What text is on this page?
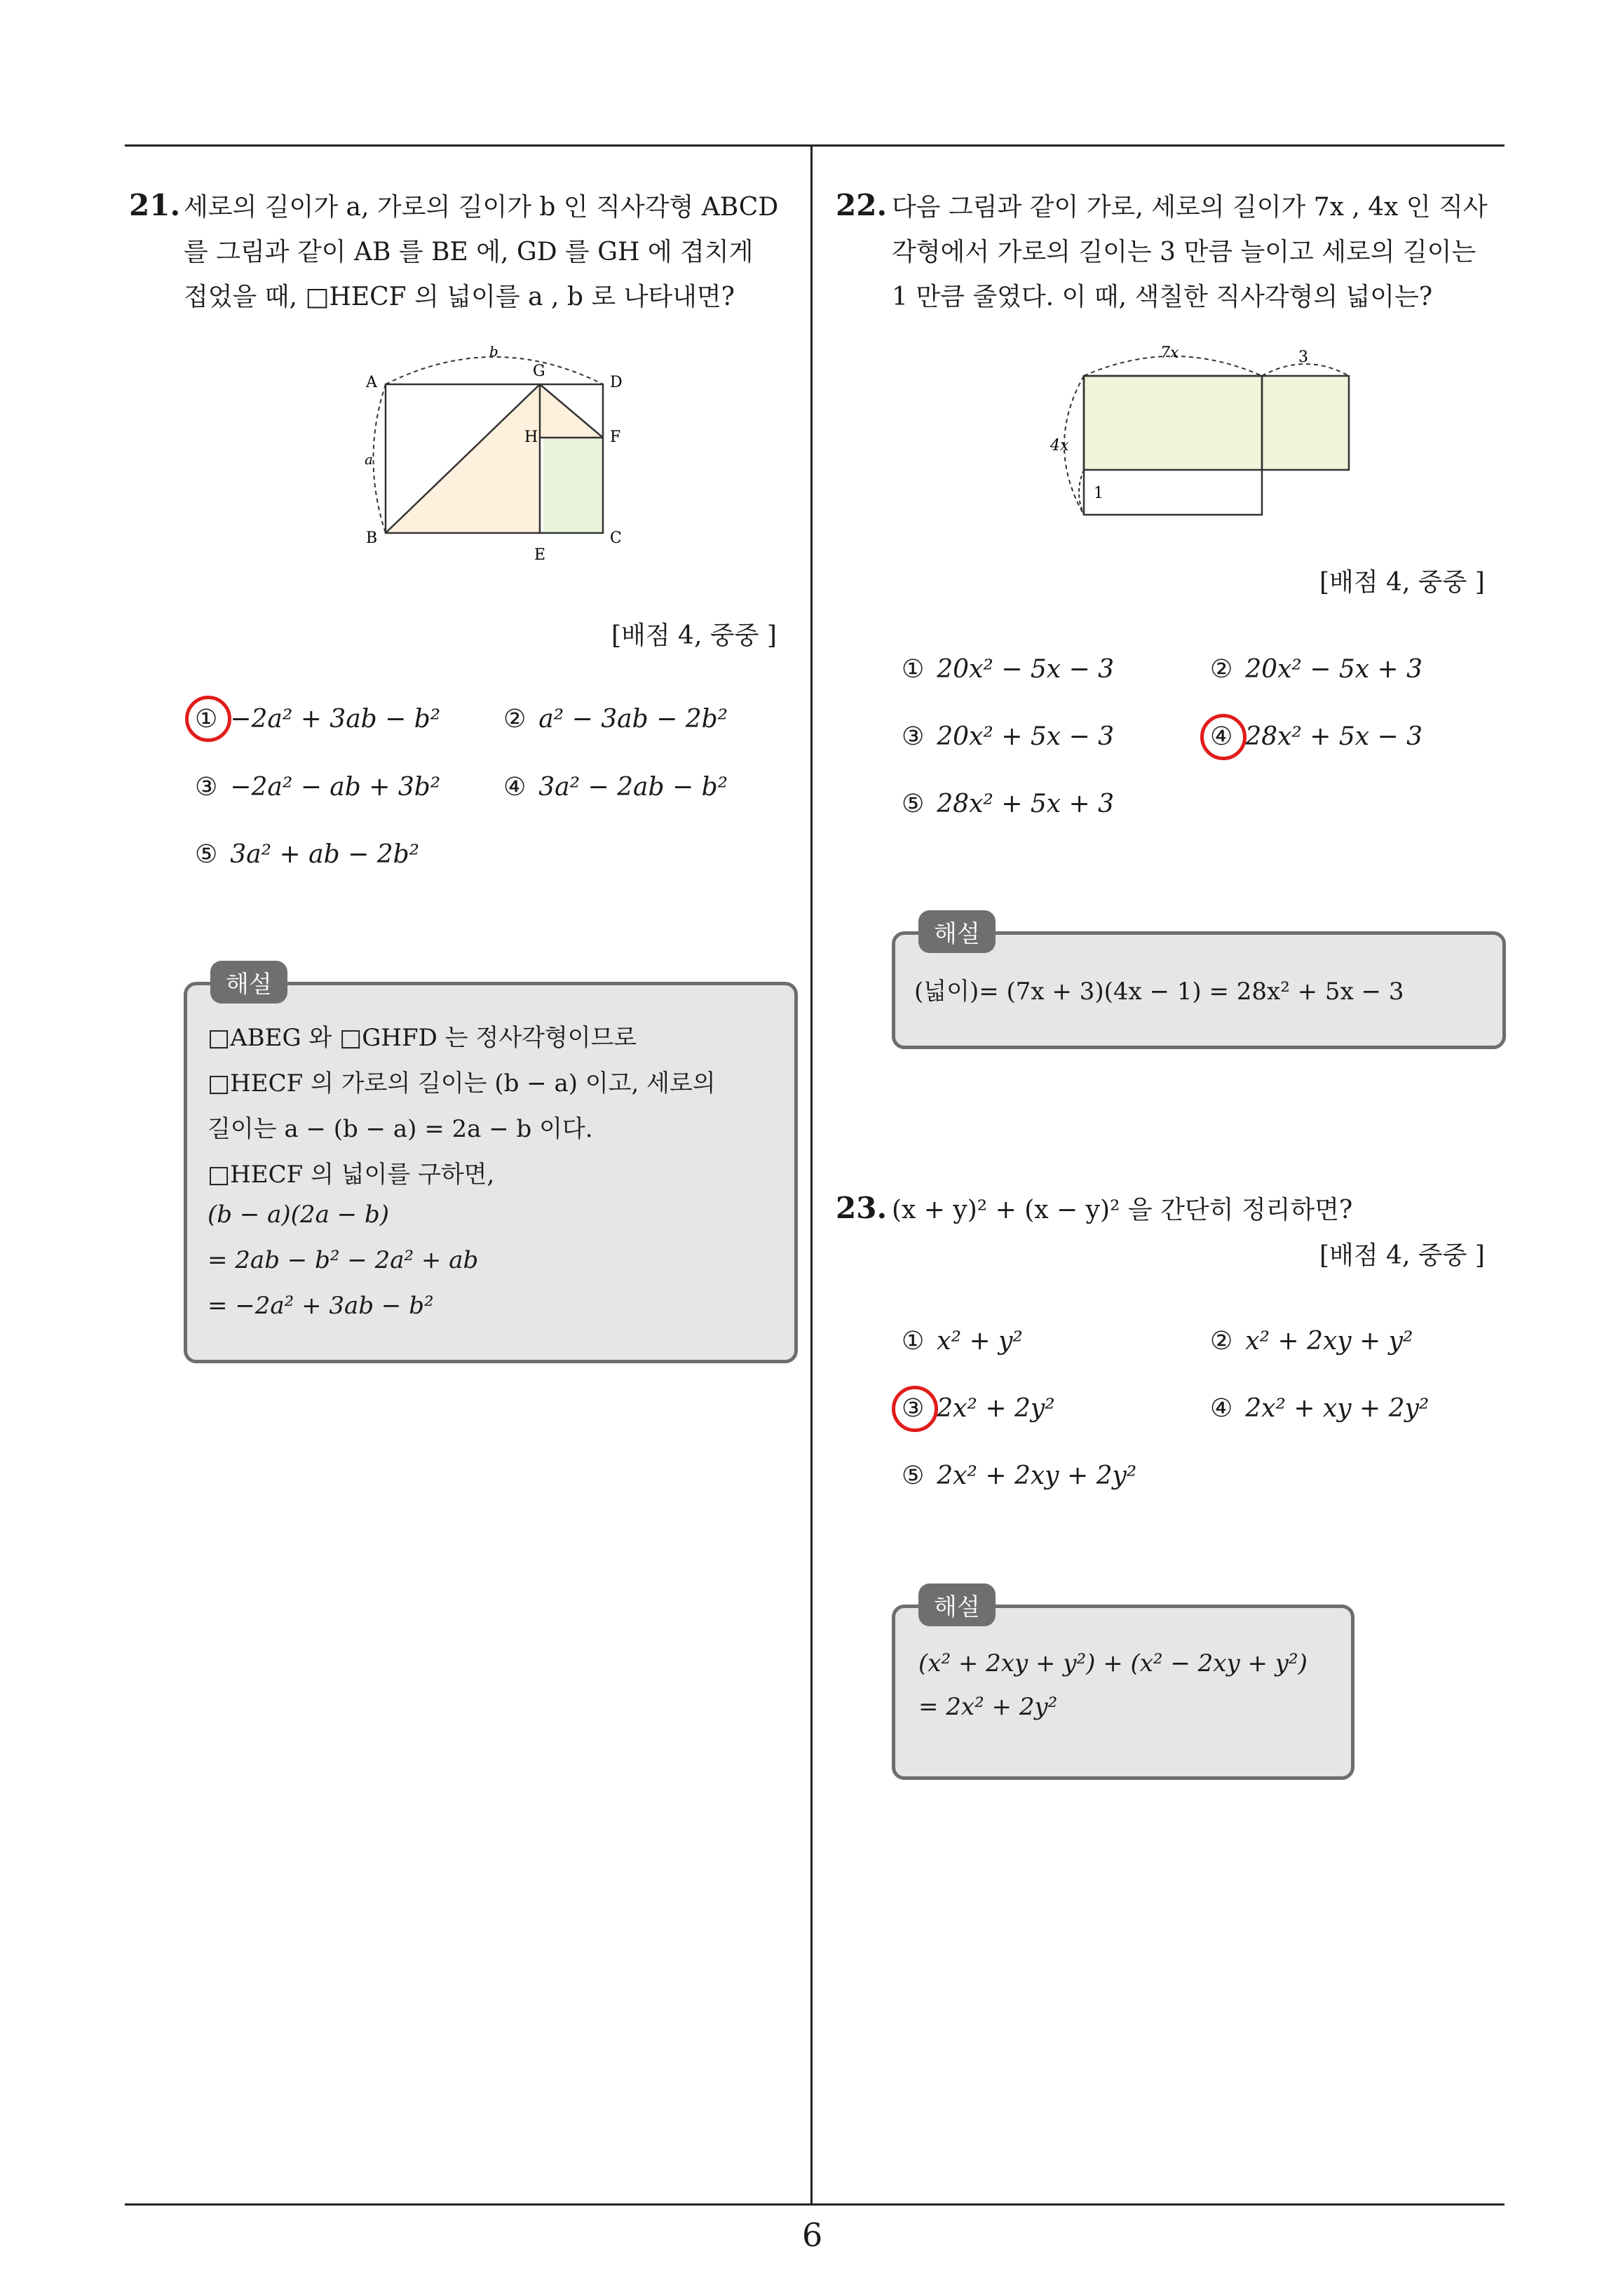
6
21. 세로의 길이가 a, 가로의 길이가 b 인 직사각형 ABCD
를 그림과 같이 AB 를 BE 에, GD 를 GH 에 겹치게
접었을 때, □HECF 의 넓이를 a , b 로 나타내면?
a
b
A
G
D
H	F
B
E
C
[배점 4, 중중 ]
① −2a² + 3ab − b² ② a² − 3ab − 2b²
③ −2a² − ab + 3b² ④ 3a² − 2ab − b²
⑤ 3a² + ab − 2b²
해설
□ABEG 와 □GHFD 는 정사각형이므로
□HECF 의 가로의 길이는 (b − a) 이고, 세로의
길이는 a − (b − a) = 2a − b 이다.
□HECF 의 넓이를 구하면,
(b − a)(2a − b)
= 2ab − b² − 2a² + ab
= −2a² + 3ab − b²
22. 다음 그림과 같이 가로, 세로의 길이가 7x , 4x 인 직사
각형에서 가로의 길이는 3 만큼 늘이고 세로의 길이는
1 만큼 줄였다. 이 때, 색칠한 직사각형의 넓이는?
7x	3
4x
1
[배점 4, 중중 ]
① 20x² − 5x − 3	② 20x² − 5x + 3
③ 20x² + 5x − 3	④ 28x² + 5x − 3
⑤ 28x² + 5x + 3
해설
(넓이)= (7x + 3)(4x − 1) = 28x² + 5x − 3
23. (x + y)² + (x − y)² 을 간단히 정리하면?
[배점 4, 중중 ]
① x² + y²	② x² + 2xy + y²
③ 2x² + 2y²	④ 2x² + xy + 2y²
⑤ 2x² + 2xy + 2y²
해설
(x² + 2xy + y²) + (x² − 2xy + y²)
= 2x² + 2y²
